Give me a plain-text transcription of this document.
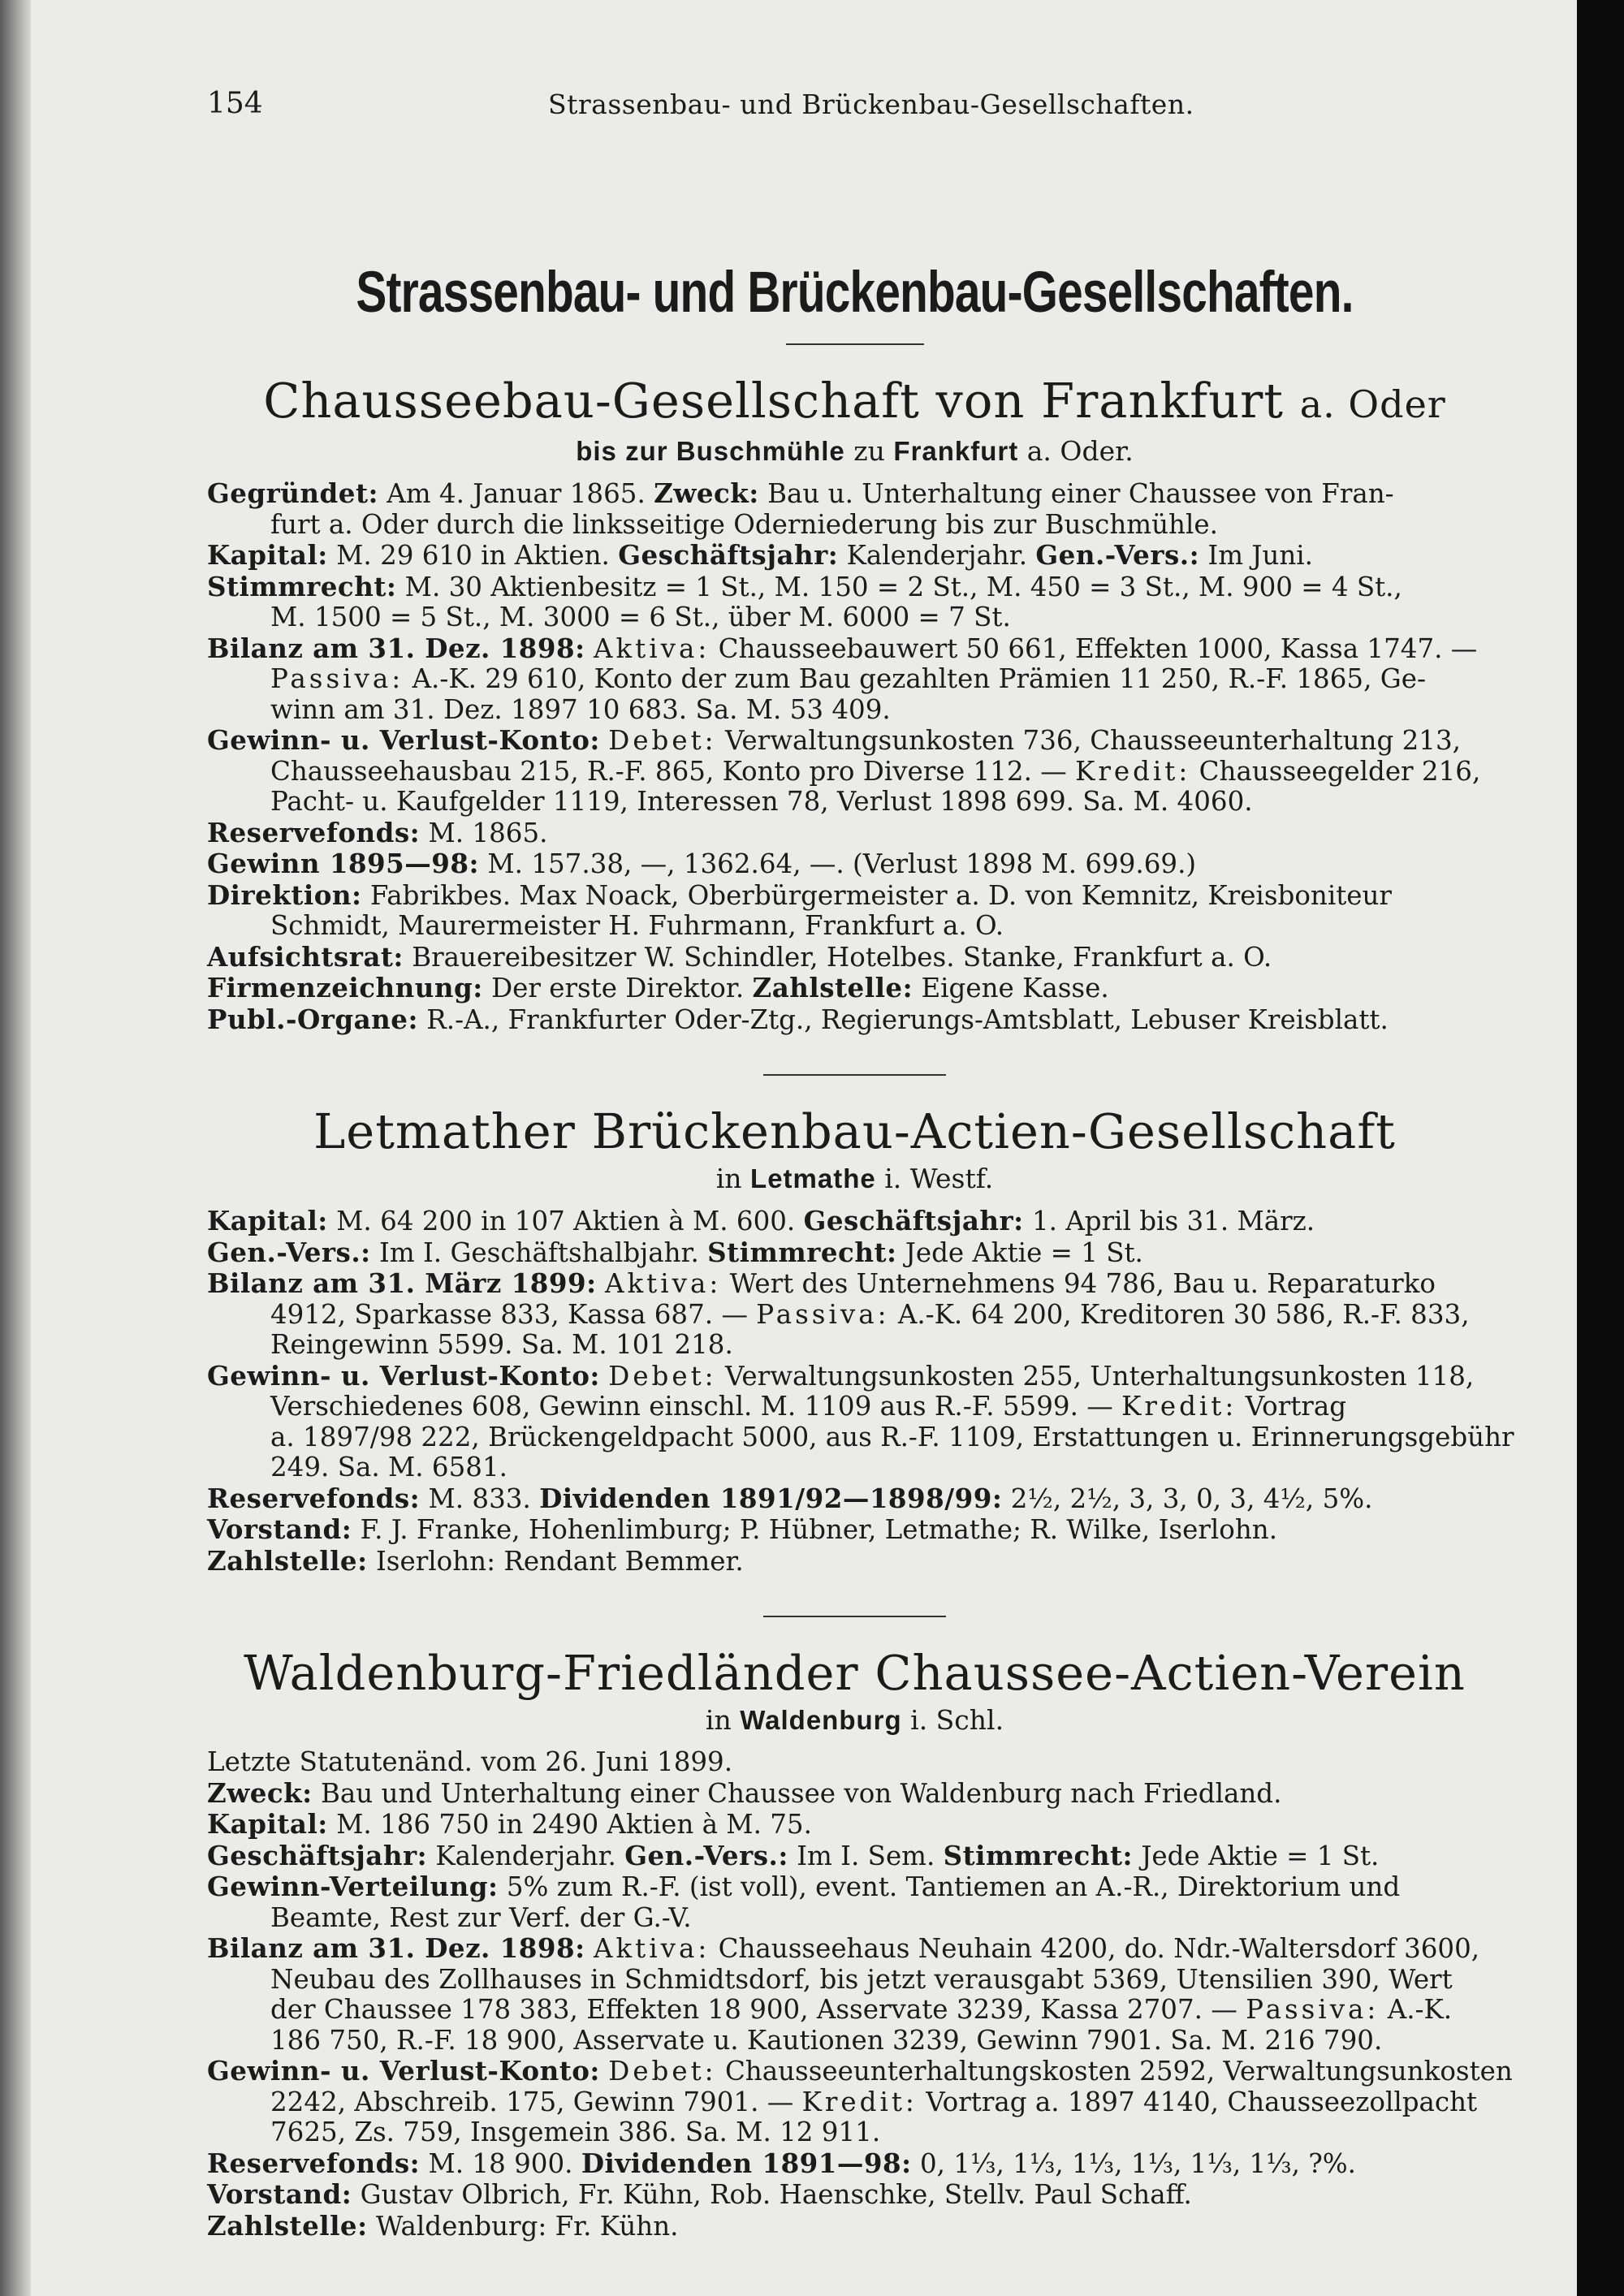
154	Strassenbau- und Brückenbau-Gesellschaften.
Strassenbau- und Brückenbau-Gesellschaften.
Chausseebau-Gesellschaft von Frankfurt a. Oder
bis zur Buschmühle zu Frankfurt a. Oder.

Gegründet: Am 4. Januar 1865. Zweck: Bau u. Unterhaltung einer Chaussee von Fran-

furt a. Oder durch die linksseitige Oderniederung bis zur Buschmühle.

Kapital: M. 29 610 in Aktien. Geschäftsjahr: Kalenderjahr. Gen.-Vers.: Im Juni.

Stimmrecht: M. 30 Aktienbesitz = 1 St., M. 150 = 2 St., M. 450 = 3 St., M. 900 = 4 St.,

M. 1500 = 5 St., M. 3000 = 6 St., über M. 6000 = 7 St.

Bilanz am 31. Dez. 1898: Aktiva: Chausseebauwert 50 661, Effekten 1000, Kassa 1747. —

Passiva: A.-K. 29 610, Konto der zum Bau gezahlten Prämien 11 250, R.-F. 1865, Ge-

winn am 31. Dez. 1897 10 683. Sa. M. 53 409.

Gewinn- u. Verlust-Konto: Debet: Verwaltungsunkosten 736, Chausseeunterhaltung 213,

Chausseehausbau 215, R.-F. 865, Konto pro Diverse 112. — Kredit: Chausseegelder 216,

Pacht- u. Kaufgelder 1119, Interessen 78, Verlust 1898 699. Sa. M. 4060.

Reservefonds: M. 1865.

Gewinn 1895—98: M. 157.38, —, 1362.64, —. (Verlust 1898 M. 699.69.)

Direktion: Fabrikbes. Max Noack, Oberbürgermeister a. D. von Kemnitz, Kreisboniteur

Schmidt, Maurermeister H. Fuhrmann, Frankfurt a. O.

Aufsichtsrat: Brauereibesitzer W. Schindler, Hotelbes. Stanke, Frankfurt a. O.

Firmenzeichnung: Der erste Direktor. Zahlstelle: Eigene Kasse.

Publ.-Organe: R.-A., Frankfurter Oder-Ztg., Regierungs-Amtsblatt, Lebuser Kreisblatt.

Letmather Brückenbau-Actien-Gesellschaft
in Letmathe i. Westf.

Kapital: M. 64 200 in 107 Aktien à M. 600. Geschäftsjahr: 1. April bis 31. März.

Gen.-Vers.: Im I. Geschäftshalbjahr. Stimmrecht: Jede Aktie = 1 St.

Bilanz am 31. März 1899: Aktiva: Wert des Unternehmens 94 786, Bau u. Reparaturko

4912, Sparkasse 833, Kassa 687. — Passiva: A.-K. 64 200, Kreditoren 30 586, R.-F. 833,

Reingewinn 5599. Sa. M. 101 218.

Gewinn- u. Verlust-Konto: Debet: Verwaltungsunkosten 255, Unterhaltungsunkosten 118,

Verschiedenes 608, Gewinn einschl. M. 1109 aus R.-F. 5599. — Kredit: Vortrag

a. 1897/98 222, Brückengeldpacht 5000, aus R.-F. 1109, Erstattungen u. Erinnerungsgebühr

249. Sa. M. 6581.

Reservefonds: M. 833. Dividenden 1891/92—1898/99: 2½, 2½, 3, 3, 0, 3, 4½, 5%.

Vorstand: F. J. Franke, Hohenlimburg; P. Hübner, Letmathe; R. Wilke, Iserlohn.

Zahlstelle: Iserlohn: Rendant Bemmer.

Waldenburg-Friedländer Chaussee-Actien-Verein
in Waldenburg i. Schl.

Letzte Statutenänd. vom 26. Juni 1899.

Zweck: Bau und Unterhaltung einer Chaussee von Waldenburg nach Friedland.

Kapital: M. 186 750 in 2490 Aktien à M. 75.

Geschäftsjahr: Kalenderjahr. Gen.-Vers.: Im I. Sem. Stimmrecht: Jede Aktie = 1 St.

Gewinn-Verteilung: 5% zum R.-F. (ist voll), event. Tantiemen an A.-R., Direktorium und

Beamte, Rest zur Verf. der G.-V.

Bilanz am 31. Dez. 1898: Aktiva: Chausseehaus Neuhain 4200, do. Ndr.-Waltersdorf 3600,

Neubau des Zollhauses in Schmidtsdorf, bis jetzt verausgabt 5369, Utensilien 390, Wert

der Chaussee 178 383, Effekten 18 900, Asservate 3239, Kassa 2707. — Passiva: A.-K.

186 750, R.-F. 18 900, Asservate u. Kautionen 3239, Gewinn 7901. Sa. M. 216 790.

Gewinn- u. Verlust-Konto: Debet: Chausseeunterhaltungskosten 2592, Verwaltungsunkosten

2242, Abschreib. 175, Gewinn 7901. — Kredit: Vortrag a. 1897 4140, Chausseezollpacht

7625, Zs. 759, Insgemein 386. Sa. M. 12 911.

Reservefonds: M. 18 900. Dividenden 1891—98: 0, 1⅓, 1⅓, 1⅓, 1⅓, 1⅓, 1⅓, ?%.

Vorstand: Gustav Olbrich, Fr. Kühn, Rob. Haenschke, Stellv. Paul Schaff.

Zahlstelle: Waldenburg: Fr. Kühn.
